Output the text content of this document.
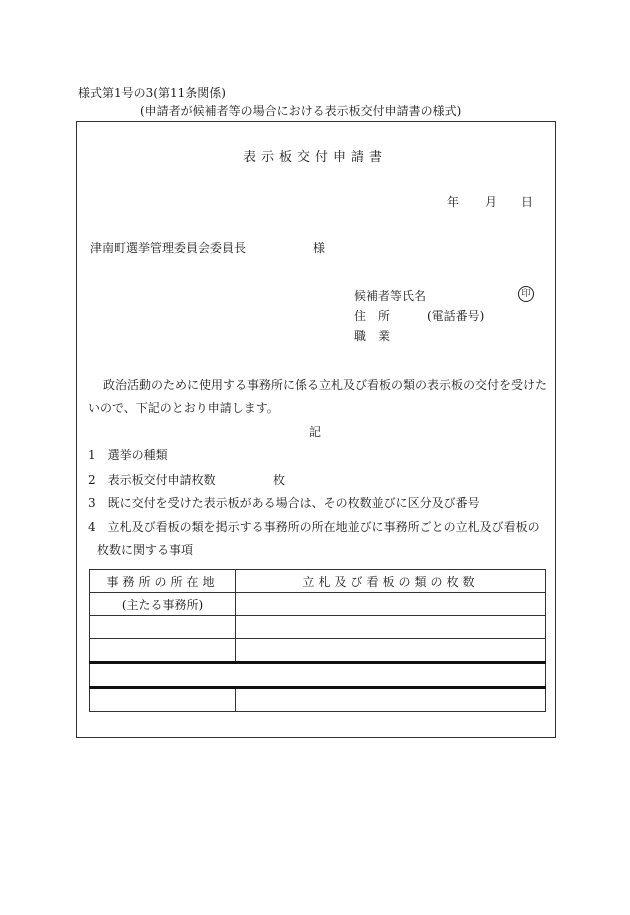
様式第1号の3(第11条関係)
(申請者が候補者等の場合における表示板交付申請書の様式)
表示板交付申請書
年 月 日
津南町選挙管理委員会委員長	様
候補者等氏名	印
住　所	(電話番号)
職　業
政治活動のために使用する事務所に係る立札及び看板の類の表示板の交付を受けた
いので、下記のとおり申請します。
記
1　選挙の種類
2　表示板交付申請枚数	枚
3　既に交付を受けた表示板がある場合は、その枚数並びに区分及び番号
4　立札及び看板の類を掲示する事務所の所在地並びに事務所ごとの立札及び看板の
枚数に関する事項
事務所の所在地	立札及び看板の類の枚数
(主たる事務所)	
